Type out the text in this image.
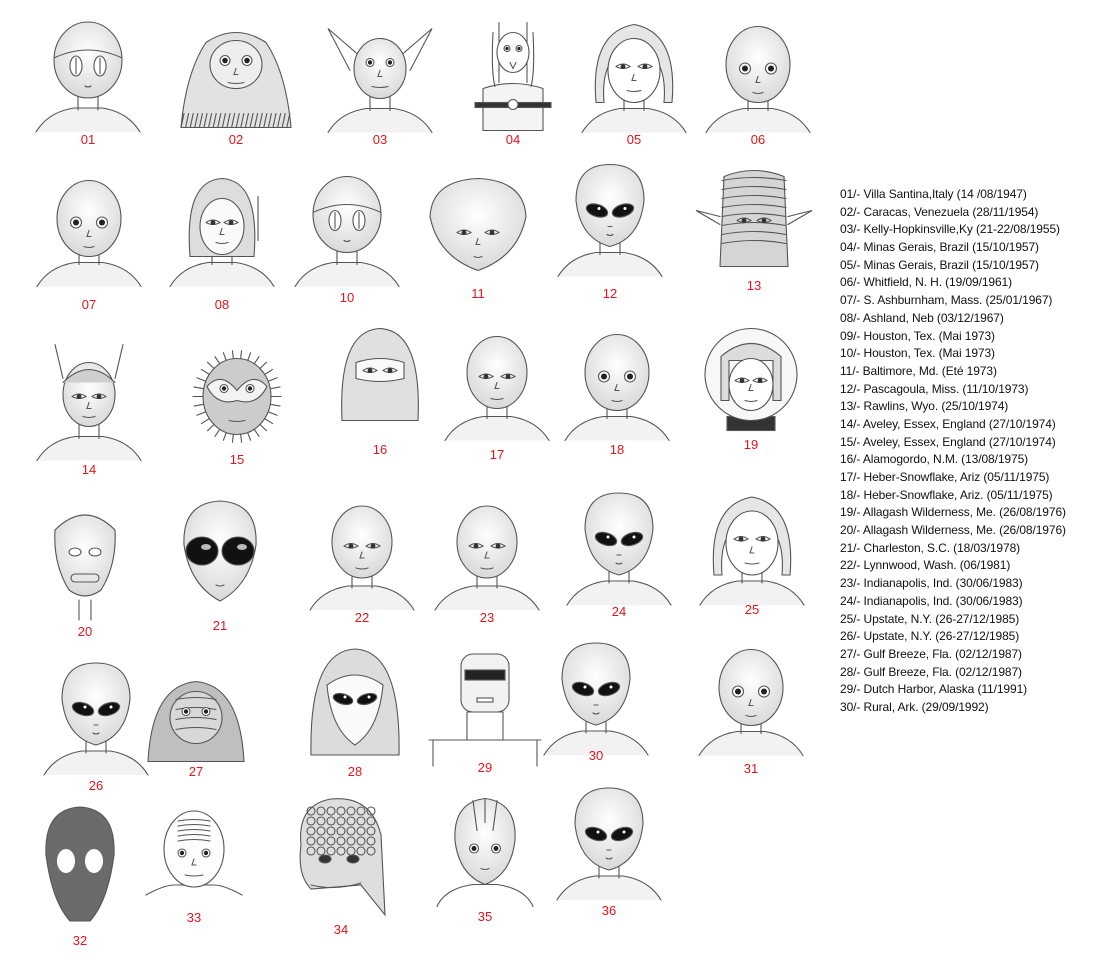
01	02	03	04	05	06
07	08	10	11	12
13
14
15
16	17	18	19
20	21
22	23	24	25
26
27	28	29
30
31
32
33
34
35	36
01/- Villa Santina,Italy (14 /08/1947)
02/- Caracas, Venezuela (28/11/1954)
03/- Kelly-Hopkinsville,Ky (21-22/08/1955)
04/- Minas Gerais, Brazil (15/10/1957)
05/- Minas Gerais, Brazil (15/10/1957)
06/- Whitfield, N. H. (19/09/1961)
07/- S. Ashburnham, Mass. (25/01/1967)
08/- Ashland, Neb (03/12/1967)
09/- Houston, Tex. (Mai 1973)
10/- Houston, Tex. (Mai 1973)
11/- Baltimore, Md. (Eté 1973)
12/- Pascagoula, Miss. (11/10/1973)
13/- Rawlins, Wyo. (25/10/1974)
14/- Aveley, Essex, England (27/10/1974)
15/- Aveley, Essex, England (27/10/1974)
16/- Alamogordo, N.M. (13/08/1975)
17/- Heber-Snowflake, Ariz (05/11/1975)
18/- Heber-Snowflake, Ariz. (05/11/1975)
19/- Allagash Wilderness, Me. (26/08/1976)
20/- Allagash Wilderness, Me. (26/08/1976)
21/- Charleston, S.C. (18/03/1978)
22/- Lynnwood, Wash. (06/1981)
23/- Indianapolis, Ind. (30/06/1983)
24/- Indianapolis, Ind. (30/06/1983)
25/- Upstate, N.Y. (26-27/12/1985)
26/- Upstate, N.Y. (26-27/12/1985)
27/- Gulf Breeze, Fla. (02/12/1987)
28/- Gulf Breeze, Fla. (02/12/1987)
29/- Dutch Harbor, Alaska (11/1991)
30/- Rural, Ark. (29/09/1992)
